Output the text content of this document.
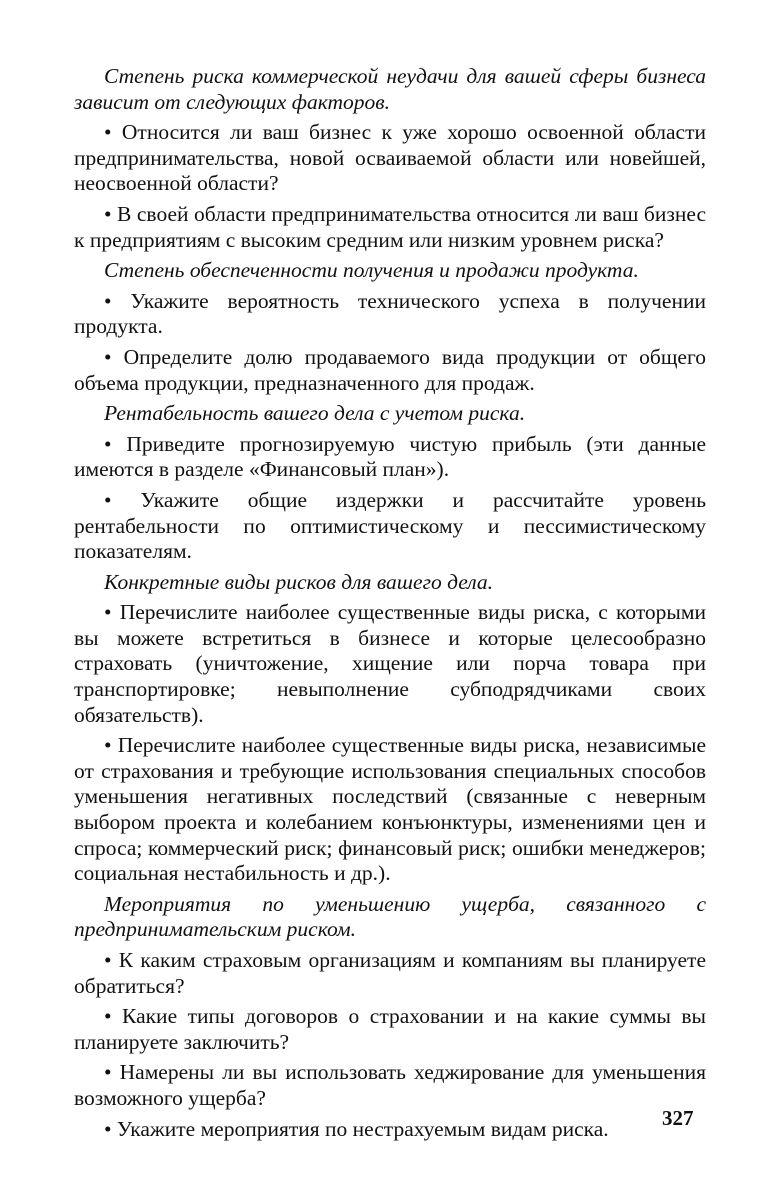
Степень риска коммерческой неудачи для вашей сферы бизнеса зависит от следующих факторов.

• Относится ли ваш бизнес к уже хорошо освоенной области предпринимательства, новой осваиваемой области или новейшей, неосвоенной области?

• В своей области предпринимательства относится ли ваш бизнес к предприятиям с высоким средним или низким уровнем риска?

Степень обеспеченности получения и продажи продукта.

• Укажите вероятность технического успеха в получении продукта.

• Определите долю продаваемого вида продукции от общего объема продукции, предназначенного для продаж.

Рентабельность вашего дела с учетом риска.

• Приведите прогнозируемую чистую прибыль (эти данные имеются в разделе «Финансовый план»).

• Укажите общие издержки и рассчитайте уровень рентабельности по оптимистическому и пессимистическому показателям.

Конкретные виды рисков для вашего дела.

• Перечислите наиболее существенные виды риска, с которыми вы можете встретиться в бизнесе и которые целесообразно страховать (уничтожение, хищение или порча товара при транспортировке; невыполнение субподрядчиками своих обязательств).

• Перечислите наиболее существенные виды риска, независимые от страхования и требующие использования специальных способов уменьшения негативных последствий (связанные с неверным выбором проекта и колебанием конъюнктуры, изменениями цен и спроса; коммерческий риск; финансовый риск; ошибки менеджеров; социальная нестабильность и др.).

Мероприятия по уменьшению ущерба, связанного с предпринимательским риском.

• К каким страховым организациям и компаниям вы планируете обратиться?

• Какие типы договоров о страховании и на какие суммы вы планируете заключить?

• Намерены ли вы использовать хеджирование для уменьшения возможного ущерба?

• Укажите мероприятия по нестрахуемым видам риска.	327
